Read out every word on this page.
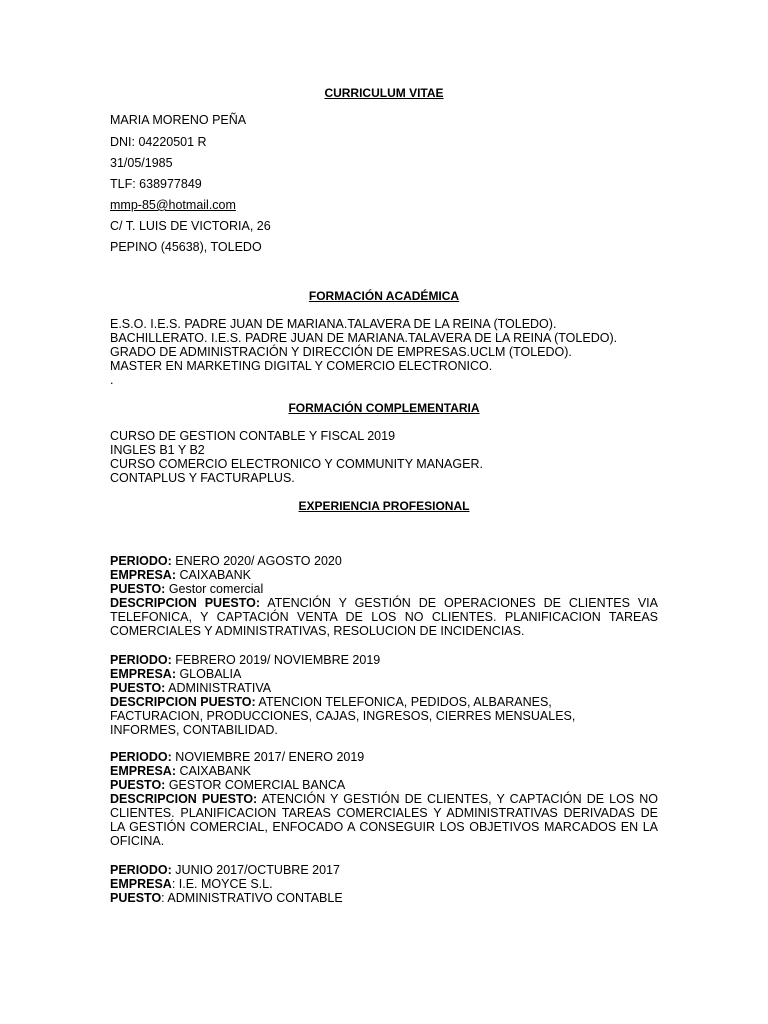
CURRICULUM VITAE
MARIA MORENO PEÑA
DNI: 04220501 R
31/05/1985
TLF: 638977849
mmp-85@hotmail.com
C/ T. LUIS DE VICTORIA, 26
PEPINO (45638), TOLEDO
FORMACIÓN ACADÉMICA
E.S.O. I.E.S. PADRE JUAN DE MARIANA.TALAVERA DE LA REINA (TOLEDO).
BACHILLERATO. I.E.S. PADRE JUAN DE MARIANA.TALAVERA DE LA REINA (TOLEDO).
GRADO DE ADMINISTRACIÓN Y DIRECCIÓN DE EMPRESAS.UCLM (TOLEDO).
MASTER EN MARKETING DIGITAL Y COMERCIO ELECTRONICO.
.
FORMACIÓN COMPLEMENTARIA
CURSO DE GESTION CONTABLE Y FISCAL 2019
INGLES B1 Y B2
CURSO COMERCIO ELECTRONICO Y COMMUNITY MANAGER.
CONTAPLUS Y FACTURAPLUS.
EXPERIENCIA PROFESIONAL
PERIODO: ENERO 2020/ AGOSTO 2020
EMPRESA: CAIXABANK
PUESTO: Gestor comercial
DESCRIPCION PUESTO: ATENCIÓN Y GESTIÓN DE OPERACIONES DE CLIENTES VIA TELEFONICA, Y CAPTACIÓN VENTA DE LOS NO CLIENTES. PLANIFICACION TAREAS COMERCIALES Y ADMINISTRATIVAS, RESOLUCION DE INCIDENCIAS.
PERIODO: FEBRERO 2019/ NOVIEMBRE 2019
EMPRESA: GLOBALIA
PUESTO: ADMINISTRATIVA
DESCRIPCION PUESTO: ATENCION TELEFONICA, PEDIDOS, ALBARANES, FACTURACION, PRODUCCIONES, CAJAS, INGRESOS, CIERRES MENSUALES, INFORMES, CONTABILIDAD.
PERIODO: NOVIEMBRE 2017/ ENERO 2019
EMPRESA: CAIXABANK
PUESTO: GESTOR COMERCIAL BANCA
DESCRIPCION PUESTO: ATENCIÓN Y GESTIÓN DE CLIENTES, Y CAPTACIÓN DE LOS NO CLIENTES. PLANIFICACION TAREAS COMERCIALES Y ADMINISTRATIVAS DERIVADAS DE LA GESTIÓN COMERCIAL, ENFOCADO A CONSEGUIR LOS OBJETIVOS MARCADOS EN LA OFICINA.
PERIODO: JUNIO 2017/OCTUBRE 2017
EMPRESA: I.E. MOYCE S.L.
PUESTO: ADMINISTRATIVO CONTABLE
